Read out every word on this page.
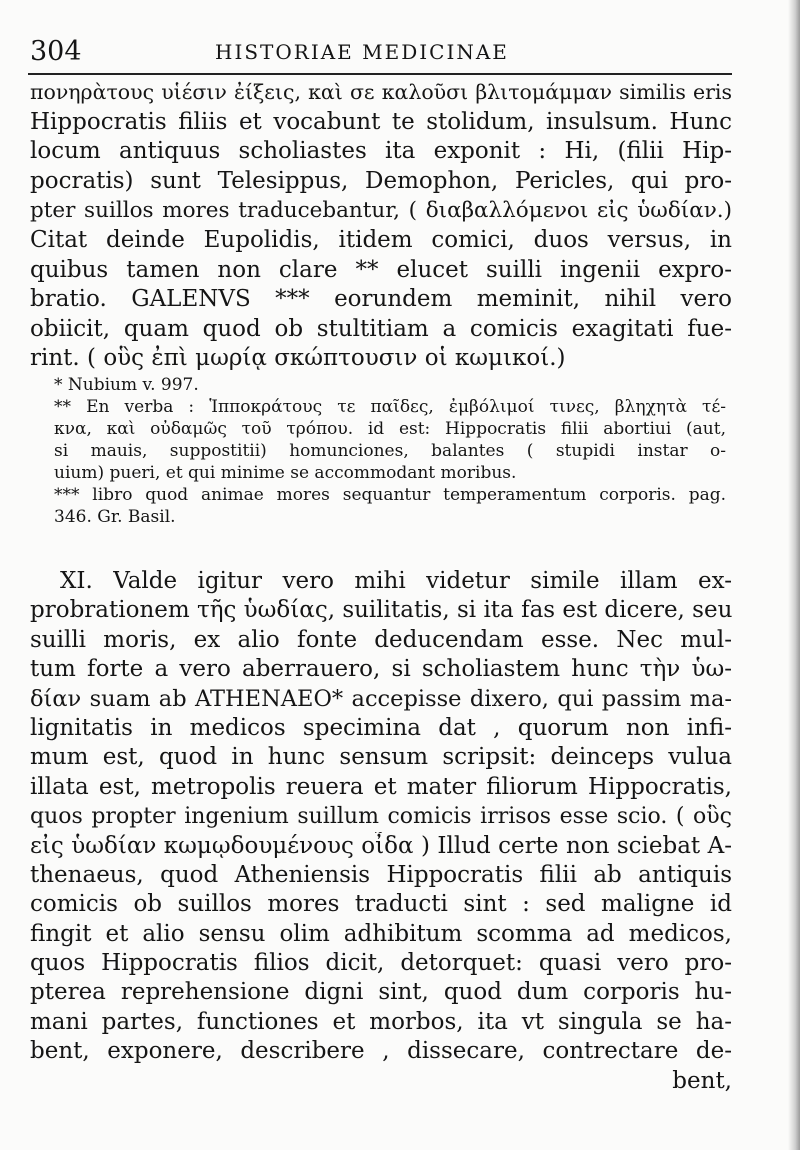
304	HISTORIAE MEDICINAE
πονηρὰτους υἱέσιν ἐίξεις, καὶ σε καλοῦσι βλιτομάμμαν similis eris
Hippocratis filiis et vocabunt te stolidum, insulsum. Hunc
locum antiquus scholiastes ita exponit : Hi, (filii Hip-
pocratis) sunt Telesippus, Demophon, Pericles, qui pro-
pter suillos mores traducebantur, ( διαβαλλόμενοι εἰς ὑωδίαν.)
Citat deinde Eupolidis, itidem comici, duos versus, in
quibus tamen non clare ** elucet suilli ingenii expro-
bratio. GALENVS *** eorundem meminit, nihil vero
obiicit, quam quod ob stultitiam a comicis exagitati fue-
rint. ( οὓς ἐπὶ μωρίᾳ σκώπτουσιν οἱ κωμικοί.)
* Nubium v. 997.
** En verba : Ἱπποκράτους τε παῖδες, ἐμβόλιμοί τινες, βληχητὰ τέ-
κνα, καὶ οὐδαμῶς τοῦ τρόπου. id est: Hippocratis filii abortiui (aut,
si mauis, suppostitii) homunciones, balantes ( stupidi instar o-
uium) pueri, et qui minime se accommodant moribus.
*** libro quod animae mores sequantur temperamentum corporis. pag.
346. Gr. Basil.
XI. Valde igitur vero mihi videtur simile illam ex-
probrationem τῆς ὑωδίας, suilitatis, si ita fas est dicere, seu
suilli moris, ex alio fonte deducendam esse. Nec mul-
tum forte a vero aberrauero, si scholiastem hunc τὴν ὑω-
δίαν suam ab ATHENAEO* accepisse dixero, qui passim ma-
lignitatis in medicos specimina dat , quorum non infi-
mum est, quod in hunc sensum scripsit: deinceps vulua
illata est, metropolis reuera et mater filiorum Hippocratis,
quos propter ingenium suillum comicis irrisos esse scio. ( οὓς
εἰς ὑωδίαν κωμῳδουμένους οἶδα ) Illud certe non sciebat A-
thenaeus, quod Atheniensis Hippocratis filii ab antiquis
comicis ob suillos mores traducti sint : sed maligne id
fingit et alio sensu olim adhibitum scomma ad medicos,
quos Hippocratis filios dicit, detorquet: quasi vero pro-
pterea reprehensione digni sint, quod dum corporis hu-
mani partes, functiones et morbos, ita vt singula se ha-
bent, exponere, describere , dissecare, contrectare de-
bent,
